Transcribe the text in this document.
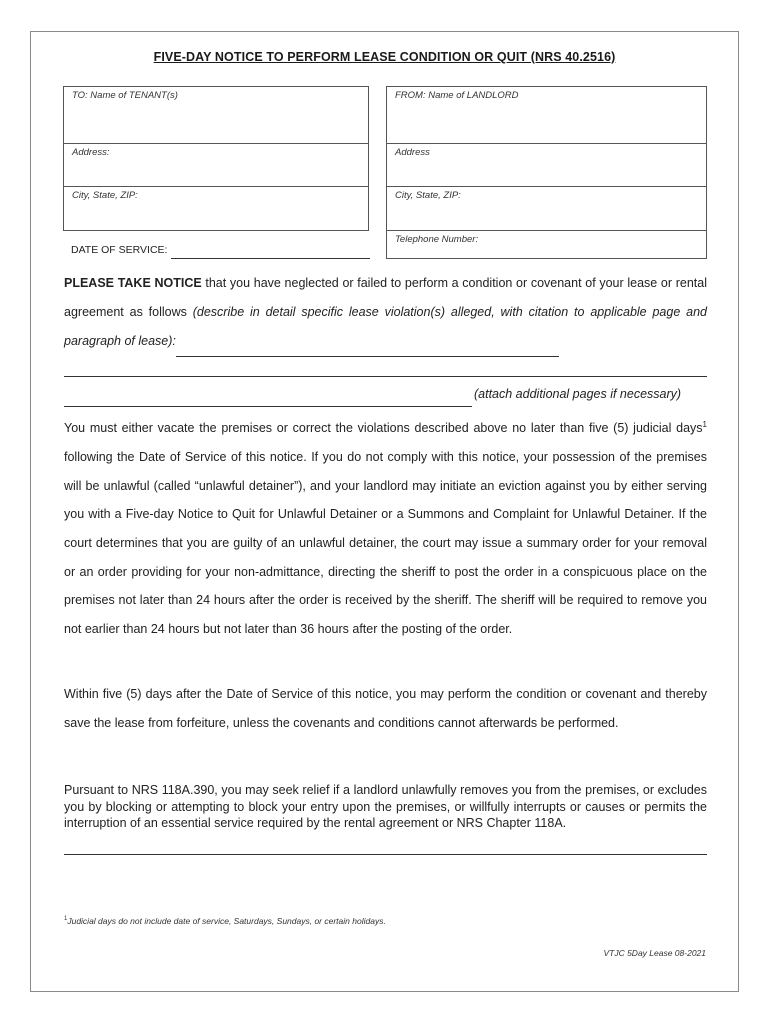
FIVE-DAY NOTICE TO PERFORM LEASE CONDITION OR QUIT (NRS 40.2516)
TO: Name of TENANT(s)
Address:
City, State, ZIP:
FROM: Name of LANDLORD
Address
City, State, ZIP:
Telephone Number:
DATE OF SERVICE:
PLEASE TAKE NOTICE that you have neglected or failed to perform a condition or covenant of your lease or rental agreement as follows (describe in detail specific lease violation(s) alleged, with citation to applicable page and paragraph of lease):
(attach additional pages if necessary)
You must either vacate the premises or correct the violations described above no later than five (5) judicial days$^1$ following the Date of Service of this notice. If you do not comply with this notice, your possession of the premises will be unlawful (called “unlawful detainer”), and your landlord may initiate an eviction against you by either serving you with a Five-day Notice to Quit for Unlawful Detainer or a Summons and Complaint for Unlawful Detainer. If the court determines that you are guilty of an unlawful detainer, the court may issue a summary order for your removal or an order providing for your non-admittance, directing the sheriff to post the order in a conspicuous place on the premises not later than 24 hours after the order is received by the sheriff. The sheriff will be required to remove you not earlier than 24 hours but not later than 36 hours after the posting of the order.
Within five (5) days after the Date of Service of this notice, you may perform the condition or covenant and thereby save the lease from forfeiture, unless the covenants and conditions cannot afterwards be performed.
Pursuant to NRS 118A.390, you may seek relief if a landlord unlawfully removes you from the premises, or excludes you by blocking or attempting to block your entry upon the premises, or willfully interrupts or causes or permits the interruption of an essential service required by the rental agreement or NRS Chapter 118A.
$^1$Judicial days do not include date of service, Saturdays, Sundays, or certain holidays.
VTJC 5Day Lease 08-2021
